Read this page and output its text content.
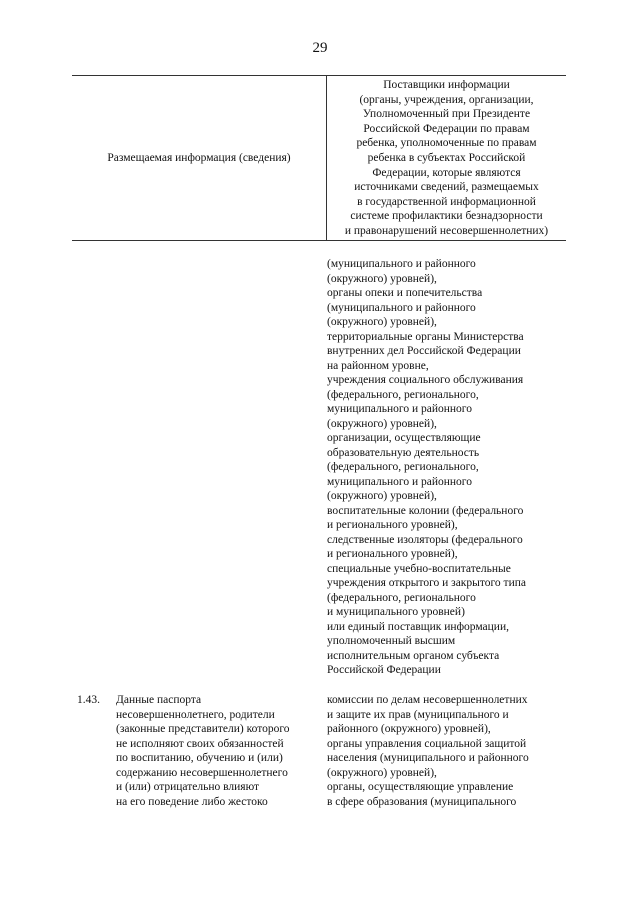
29
Размещаемая информация (сведения)
Поставщики информации
(органы, учреждения, организации,
Уполномоченный при Президенте
Российской Федерации по правам
ребенка, уполномоченные по правам
ребенка в субъектах Российской
Федерации, которые являются
источниками сведений, размещаемых
в государственной информационной
системе профилактики безнадзорности
и правонарушений несовершеннолетних)
(муниципального и районного
(окружного) уровней),
органы опеки и попечительства
(муниципального и районного
(окружного) уровней),
территориальные органы Министерства
внутренних дел Российской Федерации
на районном уровне,
учреждения социального обслуживания
(федерального, регионального,
муниципального и районного
(окружного) уровней),
организации, осуществляющие
образовательную деятельность
(федерального, регионального,
муниципального и районного
(окружного) уровней),
воспитательные колонии (федерального
и регионального уровней),
следственные изоляторы (федерального
и регионального уровней),
специальные учебно-воспитательные
учреждения открытого и закрытого типа
(федерального, регионального
и муниципального уровней)
или единый поставщик информации,
уполномоченный высшим
исполнительным органом субъекта
Российской Федерации
1.43. Данные паспорта
несовершеннолетнего, родители
(законные представители) которого
не исполняют своих обязанностей
по воспитанию, обучению и (или)
содержанию несовершеннолетнего
и (или) отрицательно влияют
на его поведение либо жестоко
комиссии по делам несовершеннолетних
и защите их прав (муниципального и
районного (окружного) уровней),
органы управления социальной защитой
населения (муниципального и районного
(окружного) уровней),
органы, осуществляющие управление
в сфере образования (муниципального
